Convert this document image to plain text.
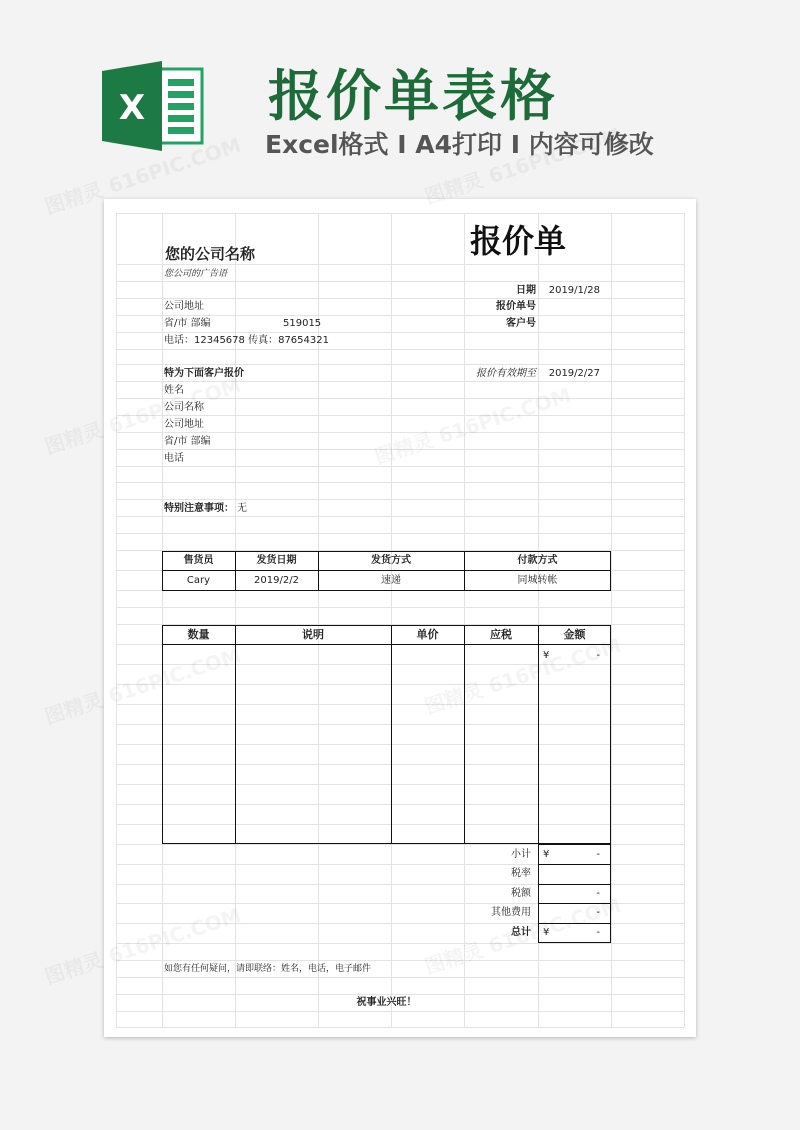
X 报价单表格
Excel格式 I A4打印 I 内容可修改
您的公司名称	报价单
您公司的广告语
日期	2019/1/28
公司地址	报价单号
省/市 部编	519015	客户号
电话：12345678 传真：87654321
特为下面客户报价	报价有效期至	2019/2/27
姓名
公司名称
公司地址
省/市 部编
电话
特别注意事项： 无
售货员	发货日期	发货方式	付款方式
Cary	2019/2/2	速递	同城转帐
数量	说明	单价	应税	金额
¥	-
小计 ¥	-
税率
税额	-
其他费用	-
总计 ¥	-
如您有任何疑问，请即联络：姓名，电话，电子邮件
祝事业兴旺！
